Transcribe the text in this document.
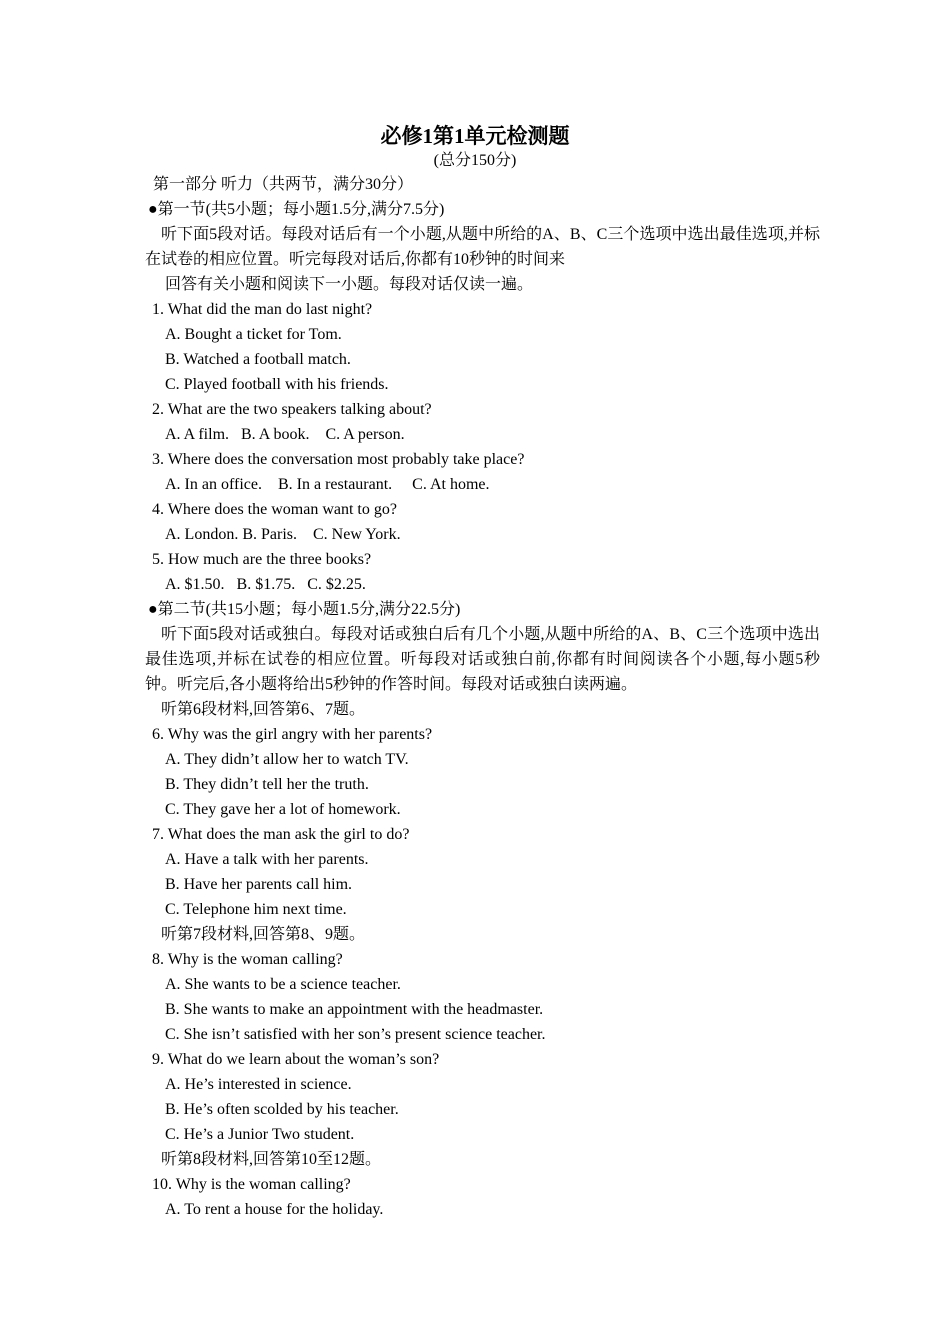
必修1第1单元检测题
(总分150分)
第一部分 听力（共两节，满分30分）
●第一节(共5小题；每小题1.5分,满分7.5分)
听下面5段对话。每段对话后有一个小题,从题中所给的A、B、C三个选项中选出最佳选项,并标在试卷的相应位置。听完每段对话后,你都有10秒钟的时间来
回答有关小题和阅读下一小题。每段对话仅读一遍。
1. What did the man do last night?
A. Bought a ticket for Tom.
B. Watched a football match.
C. Played football with his friends.
2. What are the two speakers talking about?
A. A film.   B. A book.    C. A person.
3. Where does the conversation most probably take place?
A. In an office.    B. In a restaurant.     C. At home.
4. Where does the woman want to go?
A. London. B. Paris.    C. New York.
5. How much are the three books?
A. $1.50.   B. $1.75.   C. $2.25.
●第二节(共15小题；每小题1.5分,满分22.5分)
听下面5段对话或独白。每段对话或独白后有几个小题,从题中所给的A、B、C三个选项中选出最佳选项,并标在试卷的相应位置。听每段对话或独白前,你都有时间阅读各个小题,每小题5秒钟。听完后,各小题将给出5秒钟的作答时间。每段对话或独白读两遍。
听第6段材料,回答第6、7题。
6. Why was the girl angry with her parents?
A. They didn’t allow her to watch TV.
B. They didn’t tell her the truth.
C. They gave her a lot of homework.
7. What does the man ask the girl to do?
A. Have a talk with her parents.
B. Have her parents call him.
C. Telephone him next time.
听第7段材料,回答第8、9题。
8. Why is the woman calling?
A. She wants to be a science teacher.
B. She wants to make an appointment with the headmaster.
C. She isn’t satisfied with her son’s present science teacher.
9. What do we learn about the woman’s son?
A. He’s interested in science.
B. He’s often scolded by his teacher.
C. He’s a Junior Two student.
听第8段材料,回答第10至12题。
10. Why is the woman calling?
A. To rent a house for the holiday.
